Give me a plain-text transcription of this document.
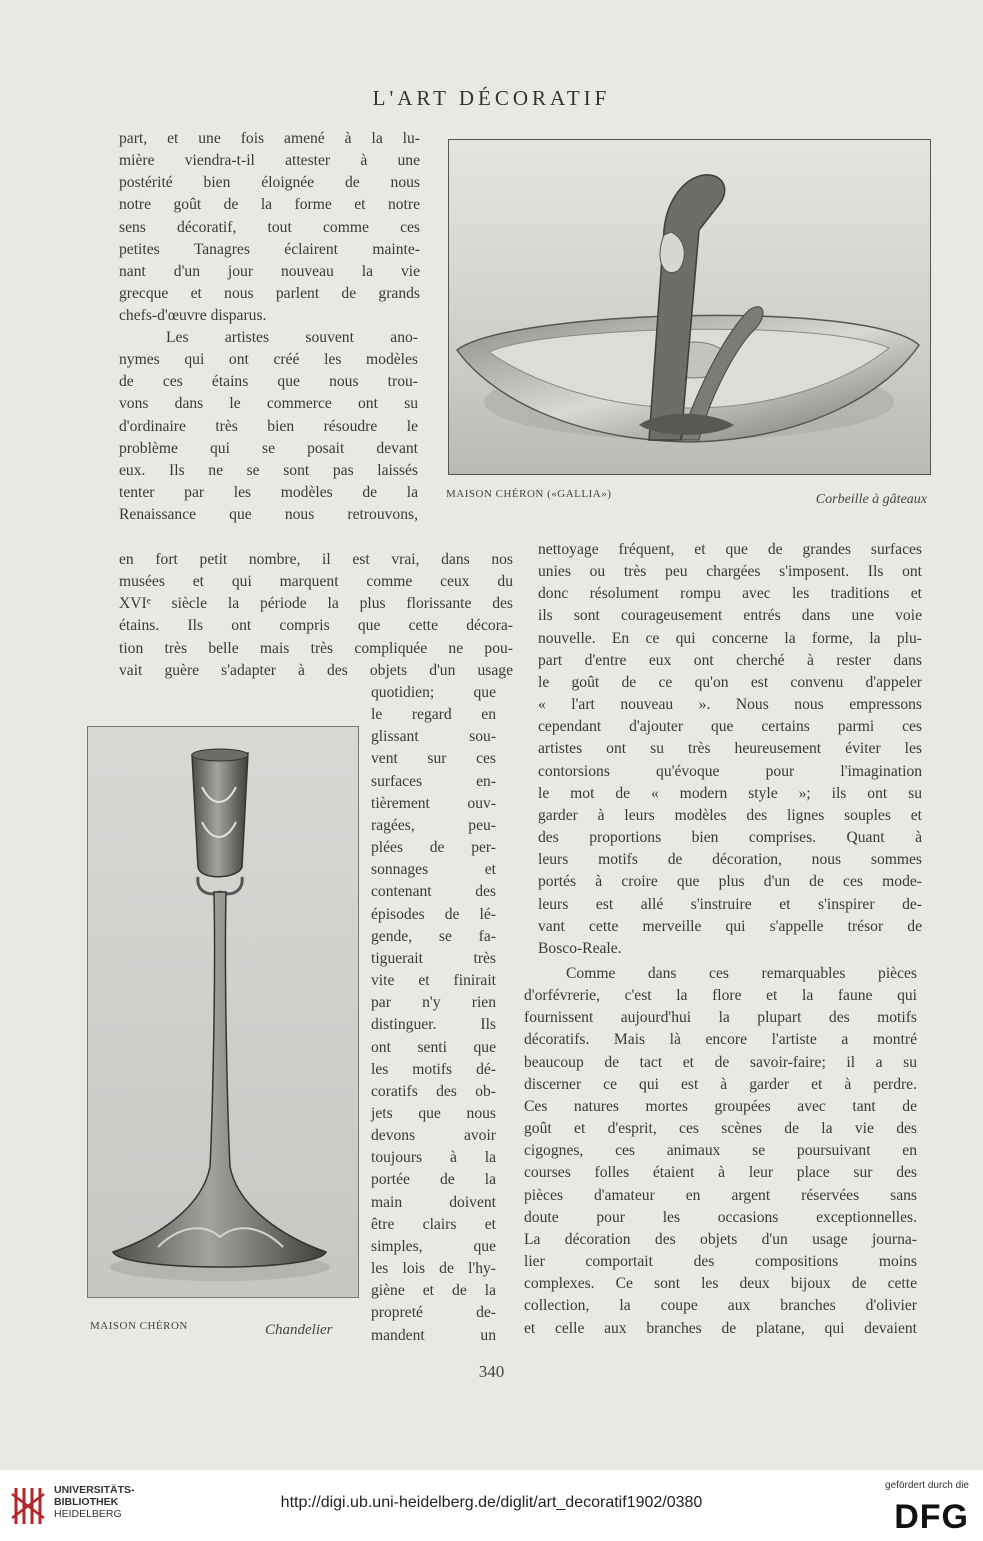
L'ART DÉCORATIF
MAISON CHÉRON («GALLIA»)	Corbeille à gâteaux
MAISON CHÉRON	Chandelier

part, et une fois amené à la lu-
mière viendra-t-il attester à une
postérité bien éloignée de nous
notre goût de la forme et notre
sens décoratif, tout comme ces
petites Tanagres éclairent mainte-
nant d'un jour nouveau la vie
grecque et nous parlent de grands
chefs-d'œuvre disparus.

Les artistes souvent ano-
nymes qui ont créé les modèles
de ces étains que nous trou-
vons dans le commerce ont su
d'ordinaire très bien résoudre le
problème qui se posait devant
eux. Ils ne se sont pas laissés
tenter par les modèles de la
Renaissance que nous retrouvons,

en fort petit nombre, il est vrai, dans nos
musées et qui marquent comme ceux du
XVIᵉ siècle la période la plus florissante des
étains. Ils ont compris que cette décora-
tion très belle mais très compliquée ne pou-
vait guère s'adapter à des objets d'un usage

quotidien; que
le regard en
glissant sou-
vent sur ces
surfaces en-
tièrement ouv-
ragées, peu-
plées de per-
sonnages et
contenant des
épisodes de lé-
gende, se fa-
tiguerait très
vite et finirait
par n'y rien
distinguer. Ils
ont senti que
les motifs dé-
coratifs des ob-
jets que nous
devons avoir
toujours à la
portée de la
main doivent
être clairs et
simples, que
les lois de l'hy-
giène et de la
propreté de-
mandent un

nettoyage fréquent, et que de grandes surfaces
unies ou très peu chargées s'imposent. Ils ont
donc résolument rompu avec les traditions et
ils sont courageusement entrés dans une voie
nouvelle. En ce qui concerne la forme, la plu-
part d'entre eux ont cherché à rester dans
le goût de ce qu'on est convenu d'appeler
« l'art nouveau ». Nous nous empressons
cependant d'ajouter que certains parmi ces
artistes ont su très heureusement éviter les
contorsions qu'évoque pour l'imagination
le mot de « modern style »; ils ont su
garder à leurs modèles des lignes souples et
des proportions bien comprises. Quant à
leurs motifs de décoration, nous sommes
portés à croire que plus d'un de ces mode-
leurs est allé s'instruire et s'inspirer de-
vant cette merveille qui s'appelle trésor de
Bosco-Reale.

Comme dans ces remarquables pièces
d'orfévrerie, c'est la flore et la faune qui
fournissent aujourd'hui la plupart des motifs
décoratifs. Mais là encore l'artiste a montré
beaucoup de tact et de savoir-faire; il a su
discerner ce qui est à garder et à perdre.
Ces natures mortes groupées avec tant de
goût et d'esprit, ces scènes de la vie des
cigognes, ces animaux se poursuivant en
courses folles étaient à leur place sur des
pièces d'amateur en argent réservées sans
doute pour les occasions exceptionnelles.
La décoration des objets d'un usage journa-
lier comportait des compositions moins
complexes. Ce sont les deux bijoux de cette
collection, la coupe aux branches d'olivier
et celle aux branches de platane, qui devaient

340
UNIVERSITÄTS-
BIBLIOTHEK
HEIDELBERG
http://digi.ub.uni-heidelberg.de/diglit/art_decoratif1902/0380
gefördert durch die
DFG
